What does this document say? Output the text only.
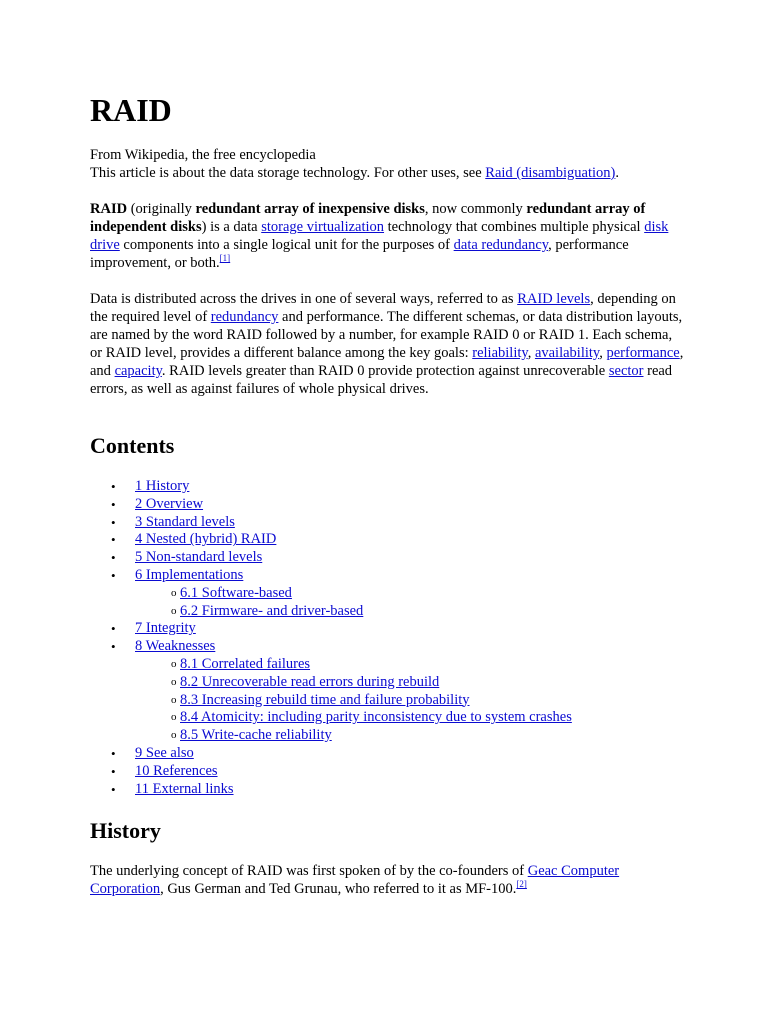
RAID
From Wikipedia, the free encyclopedia
This article is about the data storage technology. For other uses, see Raid (disambiguation).

RAID (originally redundant array of inexpensive disks, now commonly redundant array of independent disks) is a data storage virtualization technology that combines multiple physical disk drive components into a single logical unit for the purposes of data redundancy, performance improvement, or both.[1]

Data is distributed across the drives in one of several ways, referred to as RAID levels, depending on the required level of redundancy and performance. The different schemas, or data distribution layouts, are named by the word RAID followed by a number, for example RAID 0 or RAID 1. Each schema, or RAID level, provides a different balance among the key goals: reliability, availability, performance, and capacity. RAID levels greater than RAID 0 provide protection against unrecoverable sector read errors, as well as against failures of whole physical drives.

Contents
• 1 History
• 2 Overview
• 3 Standard levels
• 4 Nested (hybrid) RAID
• 5 Non-standard levels
• 6 Implementations
o 6.1 Software-based
o 6.2 Firmware- and driver-based
• 7 Integrity
• 8 Weaknesses
o 8.1 Correlated failures
o 8.2 Unrecoverable read errors during rebuild
o 8.3 Increasing rebuild time and failure probability
o 8.4 Atomicity: including parity inconsistency due to system crashes
o 8.5 Write-cache reliability
• 9 See also
• 10 References
• 11 External links
History

The underlying concept of RAID was first spoken of by the co-founders of Geac Computer Corporation, Gus German and Ted Grunau, who referred to it as MF-100.[2]
